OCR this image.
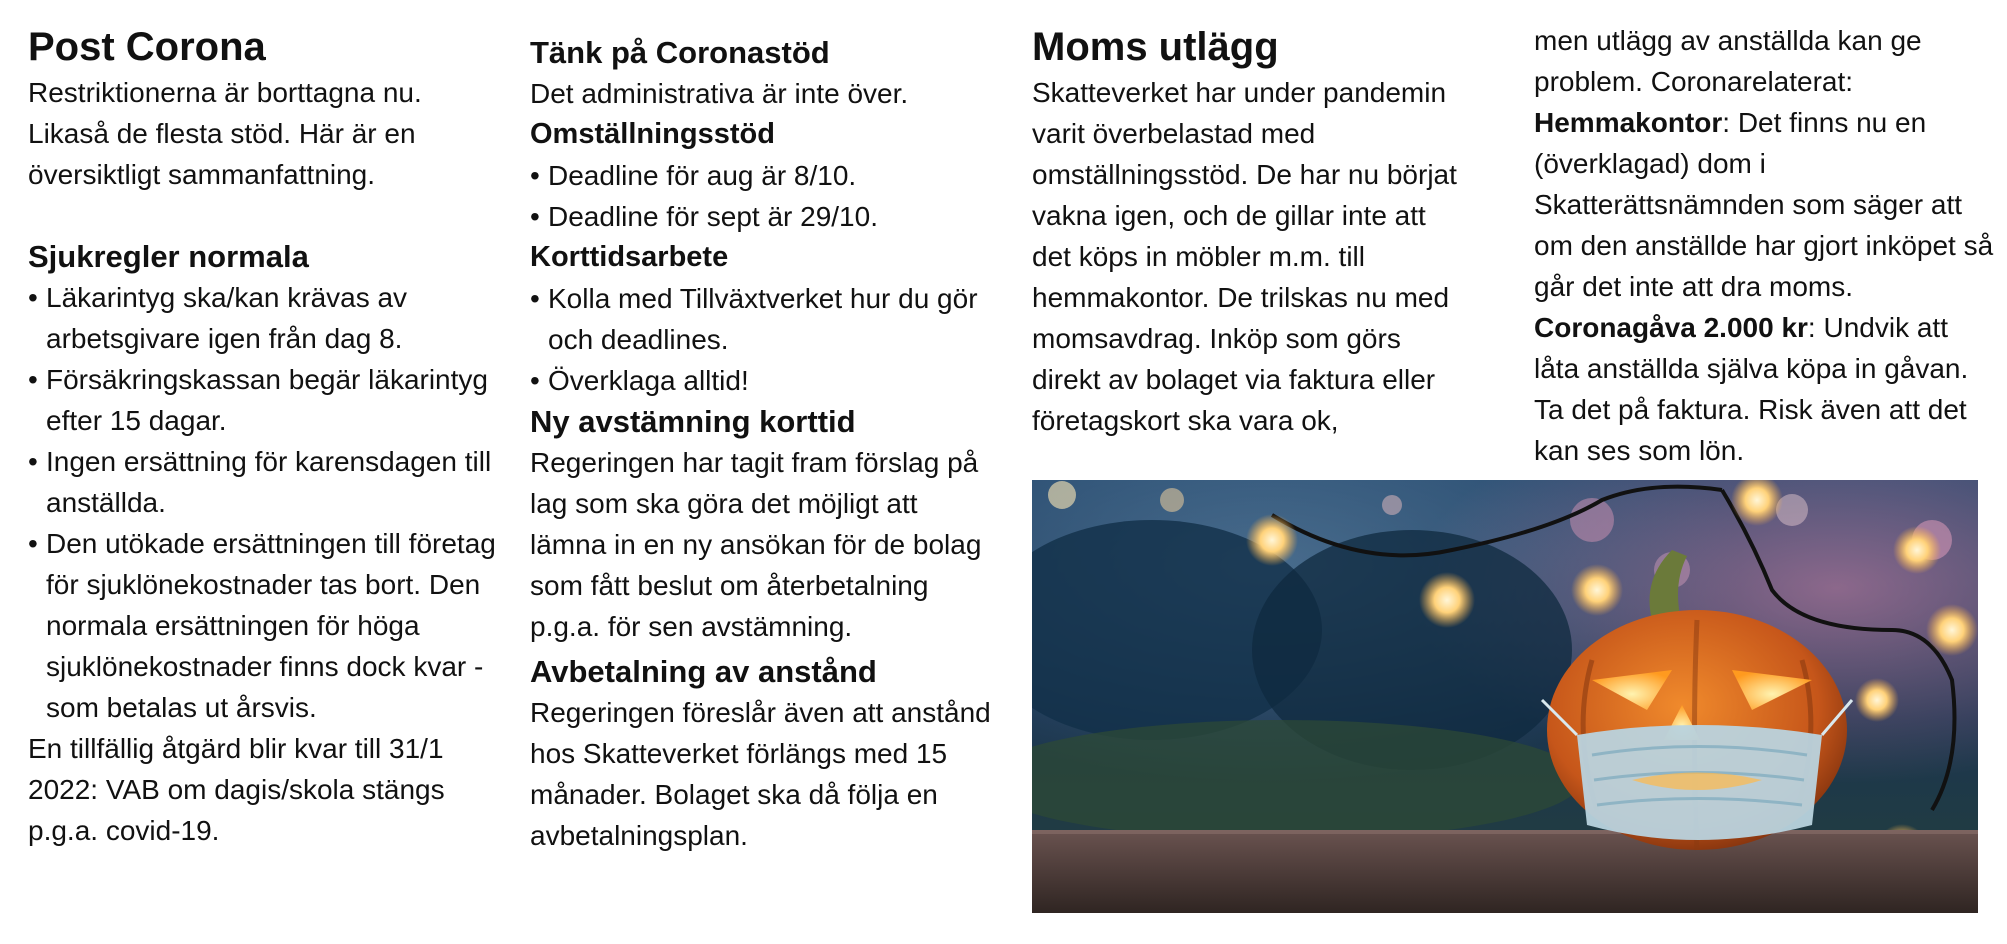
Post Corona
Restriktionerna är borttagna nu. Likaså de flesta stöd. Här är en översiktligt sammanfattning.
Sjukregler normala
• Läkarintyg ska/kan krävas av arbetsgivare igen från dag 8.
• Försäkringskassan begär läkarintyg efter 15 dagar.
• Ingen ersättning för karensdagen till anställda.
• Den utökade ersättningen till företag för sjuklönekostnader tas bort. Den normala ersättningen för höga sjuklönekostnader finns dock kvar - som betalas ut årsvis.
En tillfällig åtgärd blir kvar till 31/1 2022: VAB om dagis/skola stängs p.g.a. covid-19.
Tänk på Coronastöd
Det administrativa är inte över.
Omställningsstöd
• Deadline för aug är 8/10.
• Deadline för sept är 29/10.
Korttidsarbete
• Kolla med Tillväxtverket hur du gör och deadlines.
• Överklaga alltid!
Ny avstämning korttid
Regeringen har tagit fram förslag på lag som ska göra det möjligt att lämna in en ny ansökan för de bolag som fått beslut om återbetalning p.g.a. för sen avstämning.
Avbetalning av anstånd
Regeringen föreslår även att anstånd hos Skatteverket förlängs med 15 månader. Bolaget ska då följa en avbetalningsplan.
Moms utlägg
Skatteverket har under pandemin varit överbelastad med omställningsstöd. De har nu börjat vakna igen, och de gillar inte att det köps in möbler m.m. till hemmakontor. De trilskas nu med momsavdrag. Inköp som görs direkt av bolaget via faktura eller företagskort ska vara ok,
men utlägg av anställda kan ge problem. Coronarelaterat:
Hemmakontor: Det finns nu en (överklagad) dom i Skatterättsnämnden som säger att om den anställde har gjort inköpet så går det inte att dra moms.
Coronagåva 2.000 kr: Undvik att låta anställda själva köpa in gåvan. Ta det på faktura. Risk även att det kan ses som lön.
